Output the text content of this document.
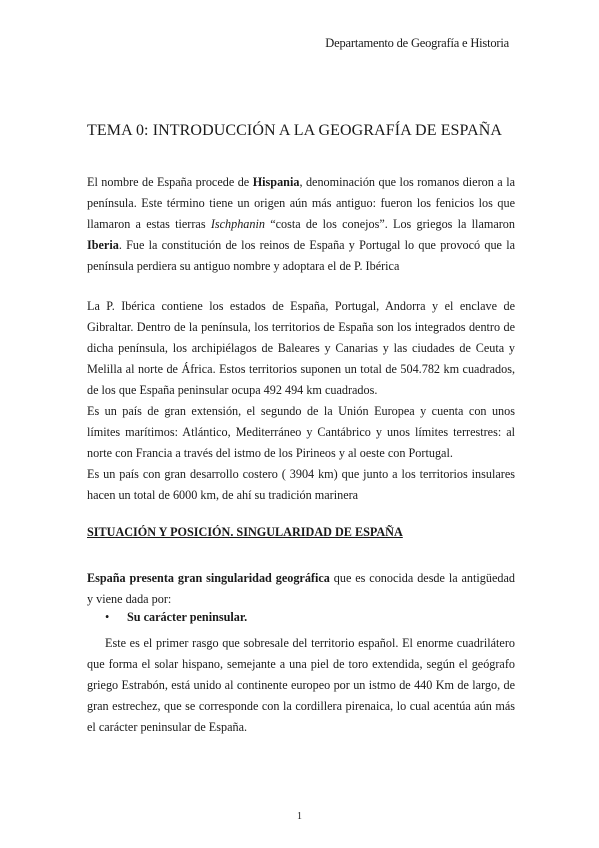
Departamento de Geografía e Historia
TEMA 0: INTRODUCCIÓN A LA GEOGRAFÍA DE ESPAÑA

El nombre de España procede de Hispania, denominación que los romanos dieron a la península. Este término tiene un origen aún más antiguo: fueron los fenicios los que llamaron a estas tierras Ischphanin “costa de los conejos”. Los griegos la llamaron Iberia. Fue la constitución de los reinos de España y Portugal lo que provocó que la península perdiera su antiguo nombre y adoptara el de P. Ibérica

La P. Ibérica contiene los estados de España, Portugal, Andorra y el enclave de Gibraltar. Dentro de la península, los territorios de España son los integrados dentro de dicha península, los archipiélagos de Baleares y Canarias y las ciudades de Ceuta y Melilla al norte de África. Estos territorios suponen un total de 504.782 km cuadrados, de los que España peninsular ocupa 492 494 km cuadrados.

Es un país de gran extensión, el segundo de la Unión Europea y cuenta con unos límites marítimos: Atlántico, Mediterráneo y Cantábrico y unos límites terrestres: al norte con Francia a través del istmo de los Pirineos y al oeste con Portugal.

Es un país con gran desarrollo costero ( 3904 km) que junto a los territorios insulares hacen un total de 6000 km, de ahí su tradición marinera

SITUACIÓN Y POSICIÓN. SINGULARIDAD DE ESPAÑA

España presenta gran singularidad geográfica que es conocida desde la antigüedad y viene dada por:

• Su carácter peninsular.

Este es el primer rasgo que sobresale del territorio español. El enorme cuadrilátero que forma el solar hispano, semejante a una piel de toro extendida, según el geógrafo griego Estrabón, está unido al continente europeo por un istmo de 440 Km de largo, de gran estrechez, que se corresponde con la cordillera pirenaica, lo cual acentúa aún más el carácter peninsular de España.

1
